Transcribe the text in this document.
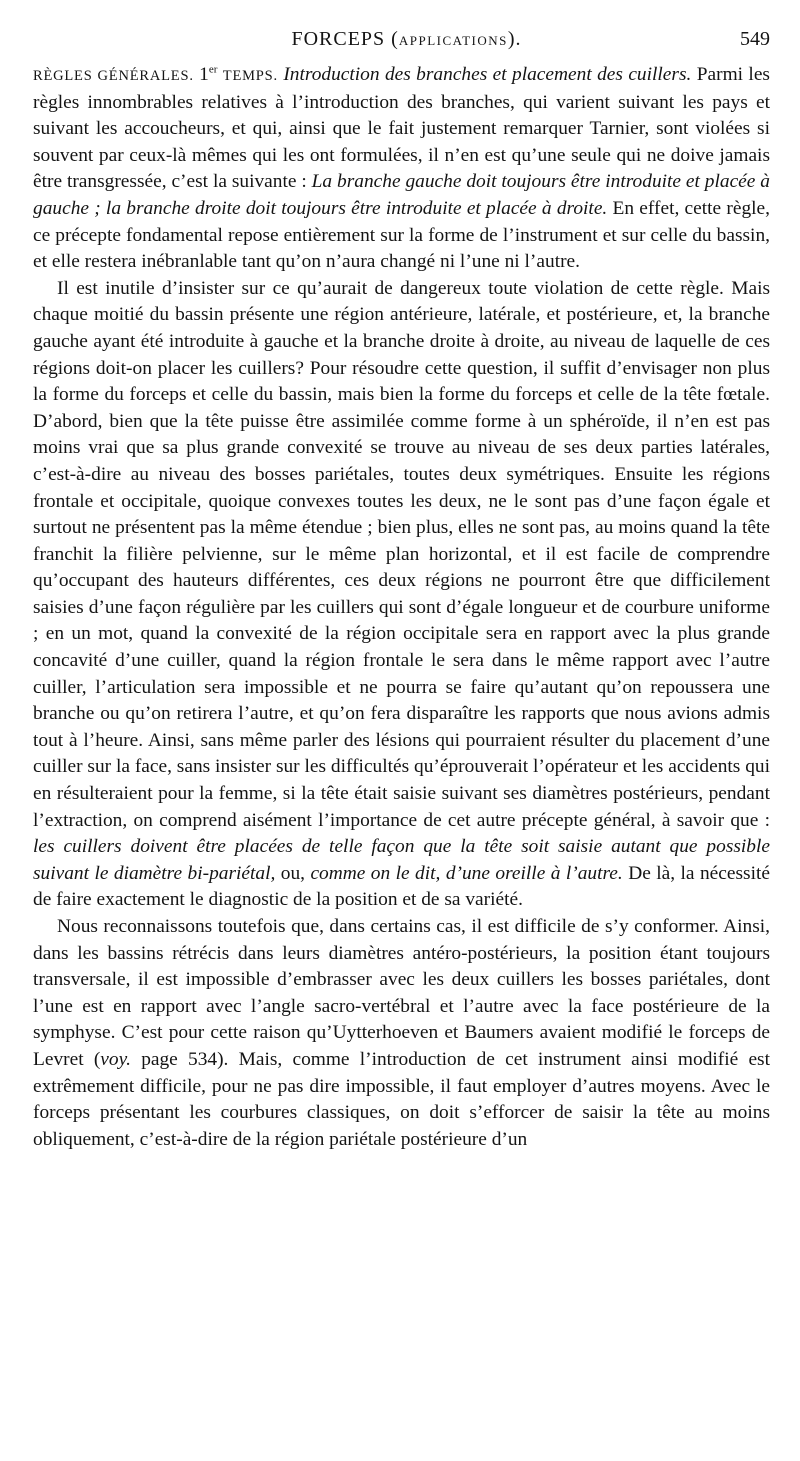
FORCEPS (APPLICATIONS).	549

RÈGLES GÉNÉRALES. 1er TEMPS. Introduction des branches et placement des cuillers. Parmi les règles innombrables relatives à l’introduction des branches, qui varient suivant les pays et suivant les accoucheurs, et qui, ainsi que le fait justement remarquer Tarnier, sont violées si souvent par ceux-là mêmes qui les ont formulées, il n’en est qu’une seule qui ne doive jamais être transgressée, c’est la suivante : La branche gauche doit toujours être introduite et placée à gauche ; la branche droite doit toujours être introduite et placée à droite. En effet, cette règle, ce précepte fondamental repose entièrement sur la forme de l’instrument et sur celle du bassin, et elle restera inébranlable tant qu’on n’aura changé ni l’une ni l’autre.

Il est inutile d’insister sur ce qu’aurait de dangereux toute violation de cette règle. Mais chaque moitié du bassin présente une région antérieure, latérale, et postérieure, et, la branche gauche ayant été introduite à gauche et la branche droite à droite, au niveau de laquelle de ces régions doit-on placer les cuillers? Pour résoudre cette question, il suffit d’envisager non plus la forme du forceps et celle du bassin, mais bien la forme du forceps et celle de la tête fœtale. D’abord, bien que la tête puisse être assimilée comme forme à un sphéroïde, il n’en est pas moins vrai que sa plus grande convexité se trouve au niveau de ses deux parties latérales, c’est-à-dire au niveau des bosses pariétales, toutes deux symétriques. Ensuite les régions frontale et occipitale, quoique convexes toutes les deux, ne le sont pas d’une façon égale et surtout ne présentent pas la même étendue ; bien plus, elles ne sont pas, au moins quand la tête franchit la filière pelvienne, sur le même plan horizontal, et il est facile de comprendre qu’occupant des hauteurs différentes, ces deux régions ne pourront être que difficilement saisies d’une façon régulière par les cuillers qui sont d’égale longueur et de courbure uniforme ; en un mot, quand la convexité de la région occipitale sera en rapport avec la plus grande concavité d’une cuiller, quand la région frontale le sera dans le même rapport avec l’autre cuiller, l’articulation sera impossible et ne pourra se faire qu’autant qu’on repoussera une branche ou qu’on retirera l’autre, et qu’on fera disparaître les rapports que nous avions admis tout à l’heure. Ainsi, sans même parler des lésions qui pourraient résulter du placement d’une cuiller sur la face, sans insister sur les difficultés qu’éprouverait l’opérateur et les accidents qui en résulteraient pour la femme, si la tête était saisie suivant ses diamètres postérieurs, pendant l’extraction, on comprend aisément l’importance de cet autre précepte général, à savoir que : les cuillers doivent être placées de telle façon que la tête soit saisie autant que possible suivant le diamètre bi-pariétal, ou, comme on le dit, d’une oreille à l’autre. De là, la nécessité de faire exactement le diagnostic de la position et de sa variété.

Nous reconnaissons toutefois que, dans certains cas, il est difficile de s’y conformer. Ainsi, dans les bassins rétrécis dans leurs diamètres antéro-postérieurs, la position étant toujours transversale, il est impossible d’embrasser avec les deux cuillers les bosses pariétales, dont l’une est en rapport avec l’angle sacro-vertébral et l’autre avec la face postérieure de la symphyse. C’est pour cette raison qu’Uytterhoeven et Baumers avaient modifié le forceps de Levret (voy. page 534). Mais, comme l’introduction de cet instrument ainsi modifié est extrêmement difficile, pour ne pas dire impossible, il faut employer d’autres moyens. Avec le forceps présentant les courbures classiques, on doit s’efforcer de saisir la tête au moins obliquement, c’est-à-dire de la région pariétale postérieure d’un
